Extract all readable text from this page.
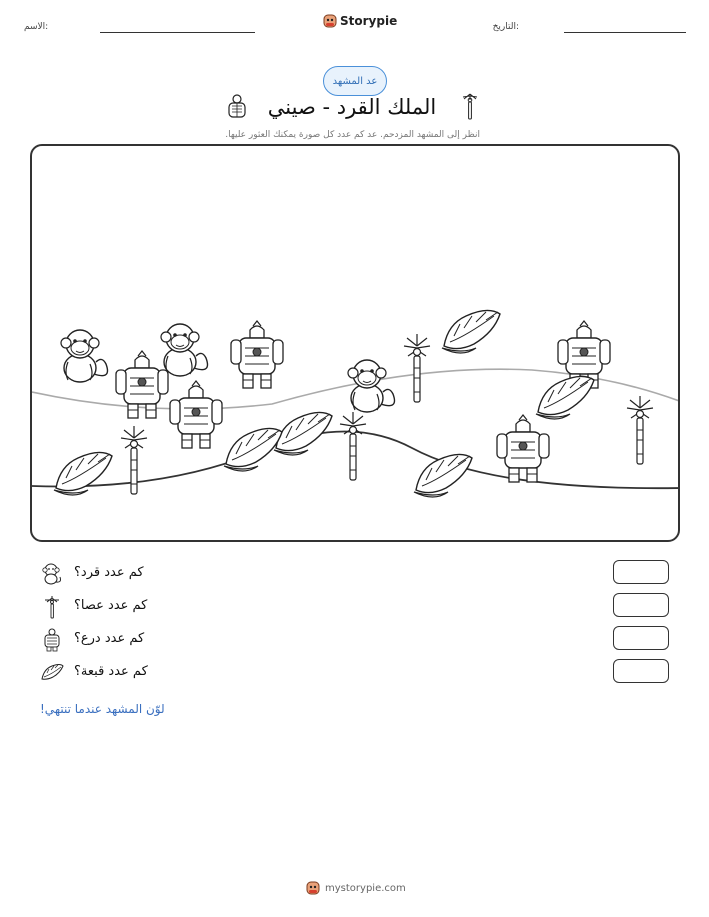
الاسم:	Storypie	التاريخ:
عد المشهد
الملك القرد - صيني
انظر إلى المشهد المزدحم. عد كم عدد كل صورة يمكنك العثور عليها.
كم عدد قرد؟
كم عدد عصا؟
كم عدد درع؟
كم عدد قبعة؟
لوّن المشهد عندما تنتهي!
mystorypie.com
